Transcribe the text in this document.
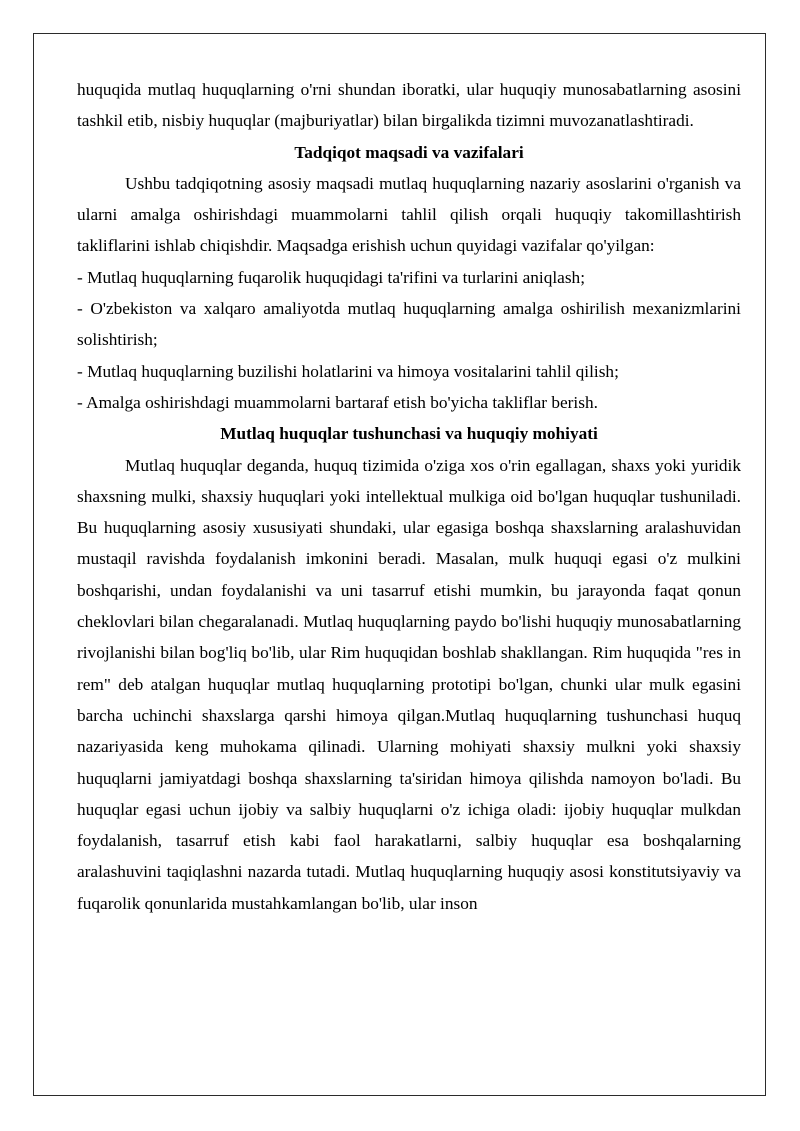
huquqida mutlaq huquqlarning o'rni shundan iboratki, ular huquqiy munosabatlarning asosini tashkil etib, nisbiy huquqlar (majburiyatlar) bilan birgalikda tizimni muvozanatlashtiradi.

Tadqiqot maqsadi va vazifalari

Ushbu tadqiqotning asosiy maqsadi mutlaq huquqlarning nazariy asoslarini o'rganish va ularni amalga oshirishdagi muammolarni tahlil qilish orqali huquqiy takomillashtirish takliflarini ishlab chiqishdir. Maqsadga erishish uchun quyidagi vazifalar qo'yilgan:

- Mutlaq huquqlarning fuqarolik huquqidagi ta'rifini va turlarini aniqlash;

- O'zbekiston va xalqaro amaliyotda mutlaq huquqlarning amalga oshirilish mexanizmlarini solishtirish;

- Mutlaq huquqlarning buzilishi holatlarini va himoya vositalarini tahlil qilish;

- Amalga oshirishdagi muammolarni bartaraf etish bo'yicha takliflar berish.

Mutlaq huquqlar tushunchasi va huquqiy mohiyati

Mutlaq huquqlar deganda, huquq tizimida o'ziga xos o'rin egallagan, shaxs yoki yuridik shaxsning mulki, shaxsiy huquqlari yoki intellektual mulkiga oid bo'lgan huquqlar tushuniladi. Bu huquqlarning asosiy xususiyati shundaki, ular egasiga boshqa shaxslarning aralashuvidan mustaqil ravishda foydalanish imkonini beradi. Masalan, mulk huquqi egasi o'z mulkini boshqarishi, undan foydalanishi va uni tasarruf etishi mumkin, bu jarayonda faqat qonun cheklovlari bilan chegaralanadi. Mutlaq huquqlarning paydo bo'lishi huquqiy munosabatlarning rivojlanishi bilan bog'liq bo'lib, ular Rim huquqidan boshlab shakllangan. Rim huquqida "res in rem" deb atalgan huquqlar mutlaq huquqlarning prototipi bo'lgan, chunki ular mulk egasini barcha uchinchi shaxslarga qarshi himoya qilgan.Mutlaq huquqlarning tushunchasi huquq nazariyasida keng muhokama qilinadi. Ularning mohiyati shaxsiy mulkni yoki shaxsiy huquqlarni jamiyatdagi boshqa shaxslarning ta'siridan himoya qilishda namoyon bo'ladi. Bu huquqlar egasi uchun ijobiy va salbiy huquqlarni o'z ichiga oladi: ijobiy huquqlar mulkdan foydalanish, tasarruf etish kabi faol harakatlarni, salbiy huquqlar esa boshqalarning aralashuvini taqiqlashni nazarda tutadi. Mutlaq huquqlarning huquqiy asosi konstitutsiyaviy va fuqarolik qonunlarida mustahkamlangan bo'lib, ular inson
